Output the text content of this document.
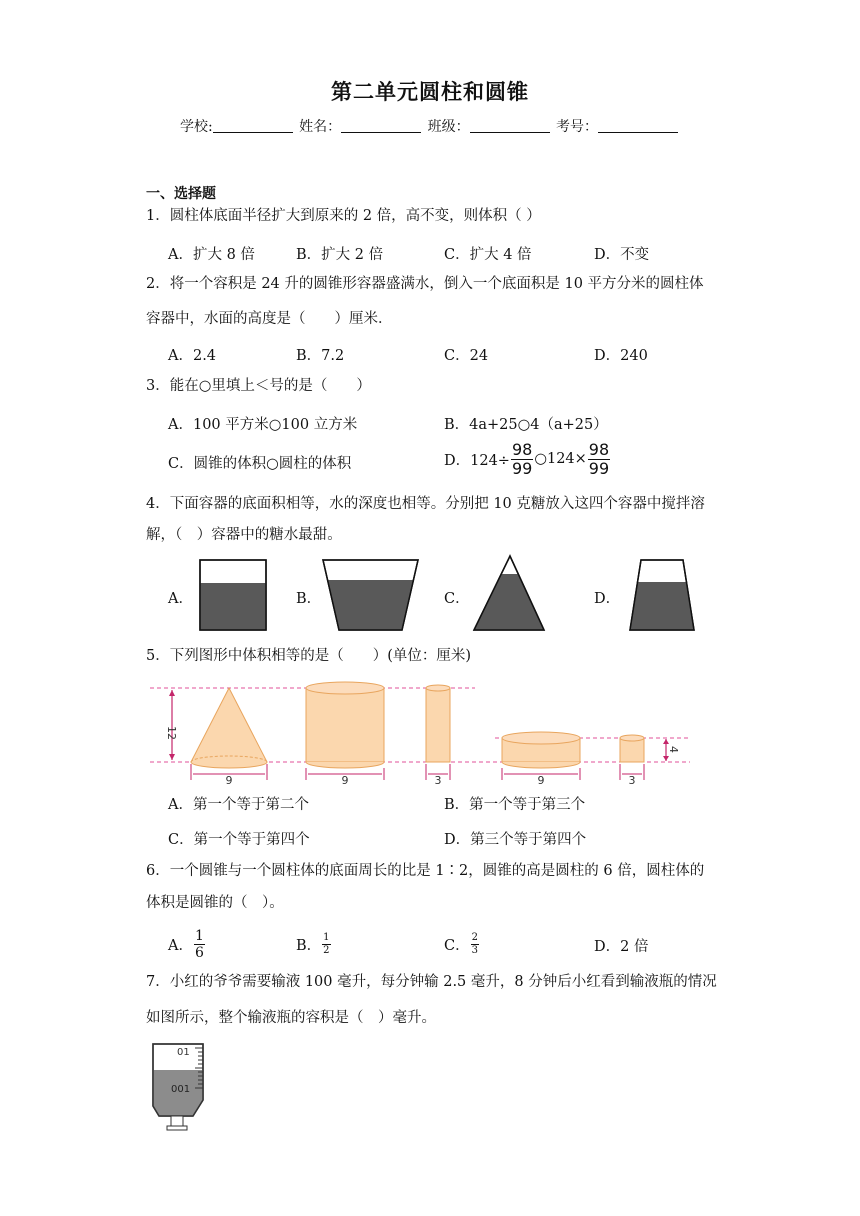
第二单元圆柱和圆锥
学校:	姓名：	班级：	考号：
一、选择题
1．圆柱体底面半径扩大到原来的 2 倍，高不变，则体积（ ）
A．扩大 8 倍	B．扩大 2 倍	C．扩大 4 倍	D．不变
2．将一个容积是 24 升的圆锥形容器盛满水，倒入一个底面积是 10 平方分米的圆柱体
容器中，水面的高度是（　　）厘米．
A．2.4	B．7.2	C．24	D．240
3．能在○里填上＜号的是（　　）
A．100 平方米○100 立方米	B．4a+25○4（a+25）
C．圆锥的体积○圆柱的体积	D．$124\div \frac{98}{99}$ ○124× $\frac{98}{99}$
4．下面容器的底面积相等，水的深度也相等。分别把 10 克糖放入这四个容器中搅拌溶
解，（　）容器中的糖水最甜。
A．	B．	C．	D．
5．下列图形中体积相等的是（　　）(单位：厘米)
12
4
9	9	3	9	3
A．第一个等于第二个	B．第一个等于第三个
C．第一个等于第四个	D．第三个等于第四个
6．一个圆锥与一个圆柱体的底面周长的比是 1∶2，圆锥的高是圆柱的 6 倍，圆柱体的
体积是圆锥的（　）。
A． $\frac{1}{6}$	B． $\frac{1}{2}$	C． $\frac{2}{3}$	D．2 倍
7．小红的爷爷需要输液 100 毫升，每分钟输 2.5 毫升，8 分钟后小红看到输液瓶的情况
如图所示，整个输液瓶的容积是（　）毫升。
01
001
